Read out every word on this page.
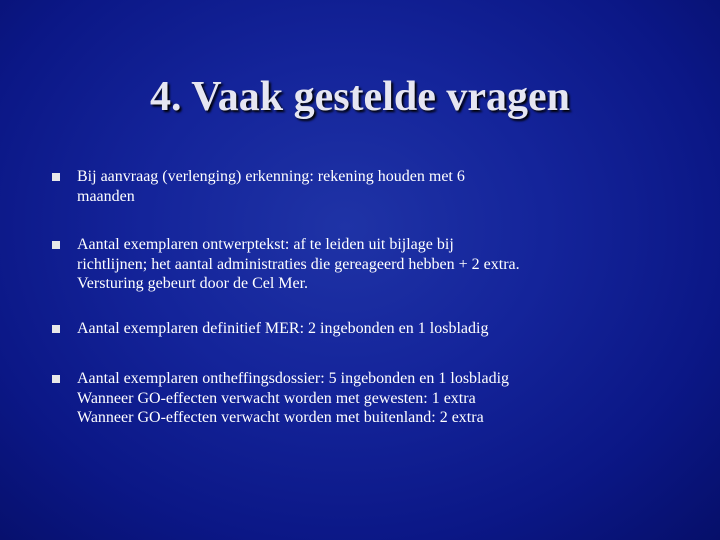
4. Vaak gestelde vragen
Bij aanvraag (verlenging) erkenning: rekening houden met 6
maanden
Aantal exemplaren ontwerptekst: af te leiden uit bijlage bij
richtlijnen; het aantal administraties die gereageerd hebben + 2 extra.
Versturing gebeurt door de Cel Mer.
Aantal exemplaren definitief MER: 2 ingebonden en 1 losbladig
Aantal exemplaren ontheffingsdossier: 5 ingebonden en 1 losbladig
Wanneer GO-effecten verwacht worden met gewesten: 1 extra
Wanneer GO-effecten verwacht worden met buitenland: 2 extra
